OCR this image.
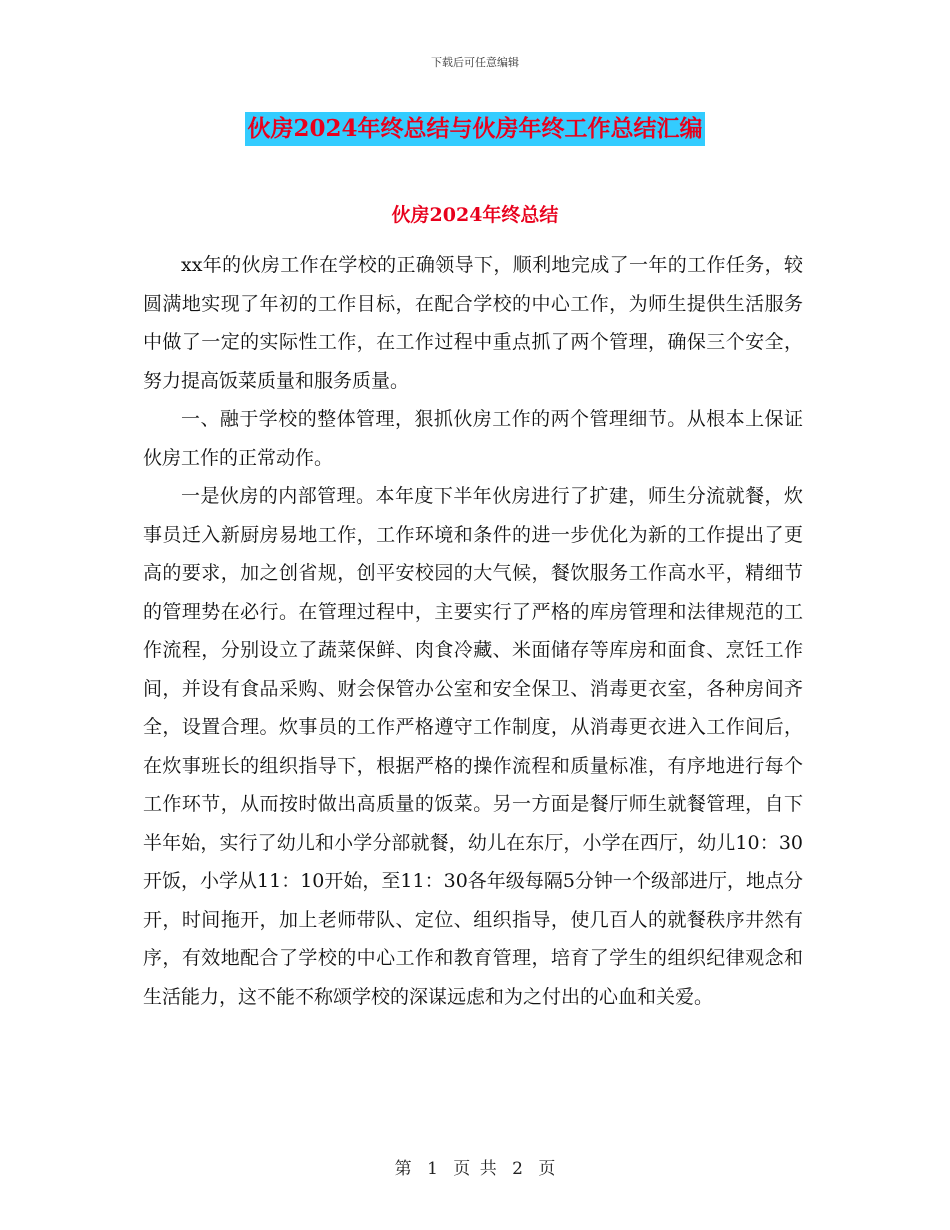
下载后可任意编辑
伙房2024年终总结与伙房年终工作总结汇编
伙房2024年终总结

xx年的伙房工作在学校的正确领导下，顺利地完成了一年的工作任务，较圆满地实现了年初的工作目标，在配合学校的中心工作，为师生提供生活服务中做了一定的实际性工作，在工作过程中重点抓了两个管理，确保三个安全，努力提高饭菜质量和服务质量。

一、融于学校的整体管理，狠抓伙房工作的两个管理细节。从根本上保证伙房工作的正常动作。

一是伙房的内部管理。本年度下半年伙房进行了扩建，师生分流就餐，炊事员迁入新厨房易地工作，工作环境和条件的进一步优化为新的工作提出了更高的要求，加之创省规，创平安校园的大气候，餐饮服务工作高水平，精细节的管理势在必行。在管理过程中，主要实行了严格的库房管理和法律规范的工作流程，分别设立了蔬菜保鲜、肉食冷藏、米面储存等库房和面食、烹饪工作间，并设有食品采购、财会保管办公室和安全保卫、消毒更衣室，各种房间齐全，设置合理。炊事员的工作严格遵守工作制度，从消毒更衣进入工作间后，在炊事班长的组织指导下，根据严格的操作流程和质量标准，有序地进行每个工作环节，从而按时做出高质量的饭菜。另一方面是餐厅师生就餐管理，自下半年始，实行了幼儿和小学分部就餐，幼儿在东厅，小学在西厅，幼儿10：30开饭，小学从11：10开始，至11：30各年级每隔5分钟一个级部进厅，地点分开，时间拖开，加上老师带队、定位、组织指导，使几百人的就餐秩序井然有序，有效地配合了学校的中心工作和教育管理，培育了学生的组织纪律观念和生活能力，这不能不称颂学校的深谋远虑和为之付出的心血和关爱。

第 1 页 共 2 页
